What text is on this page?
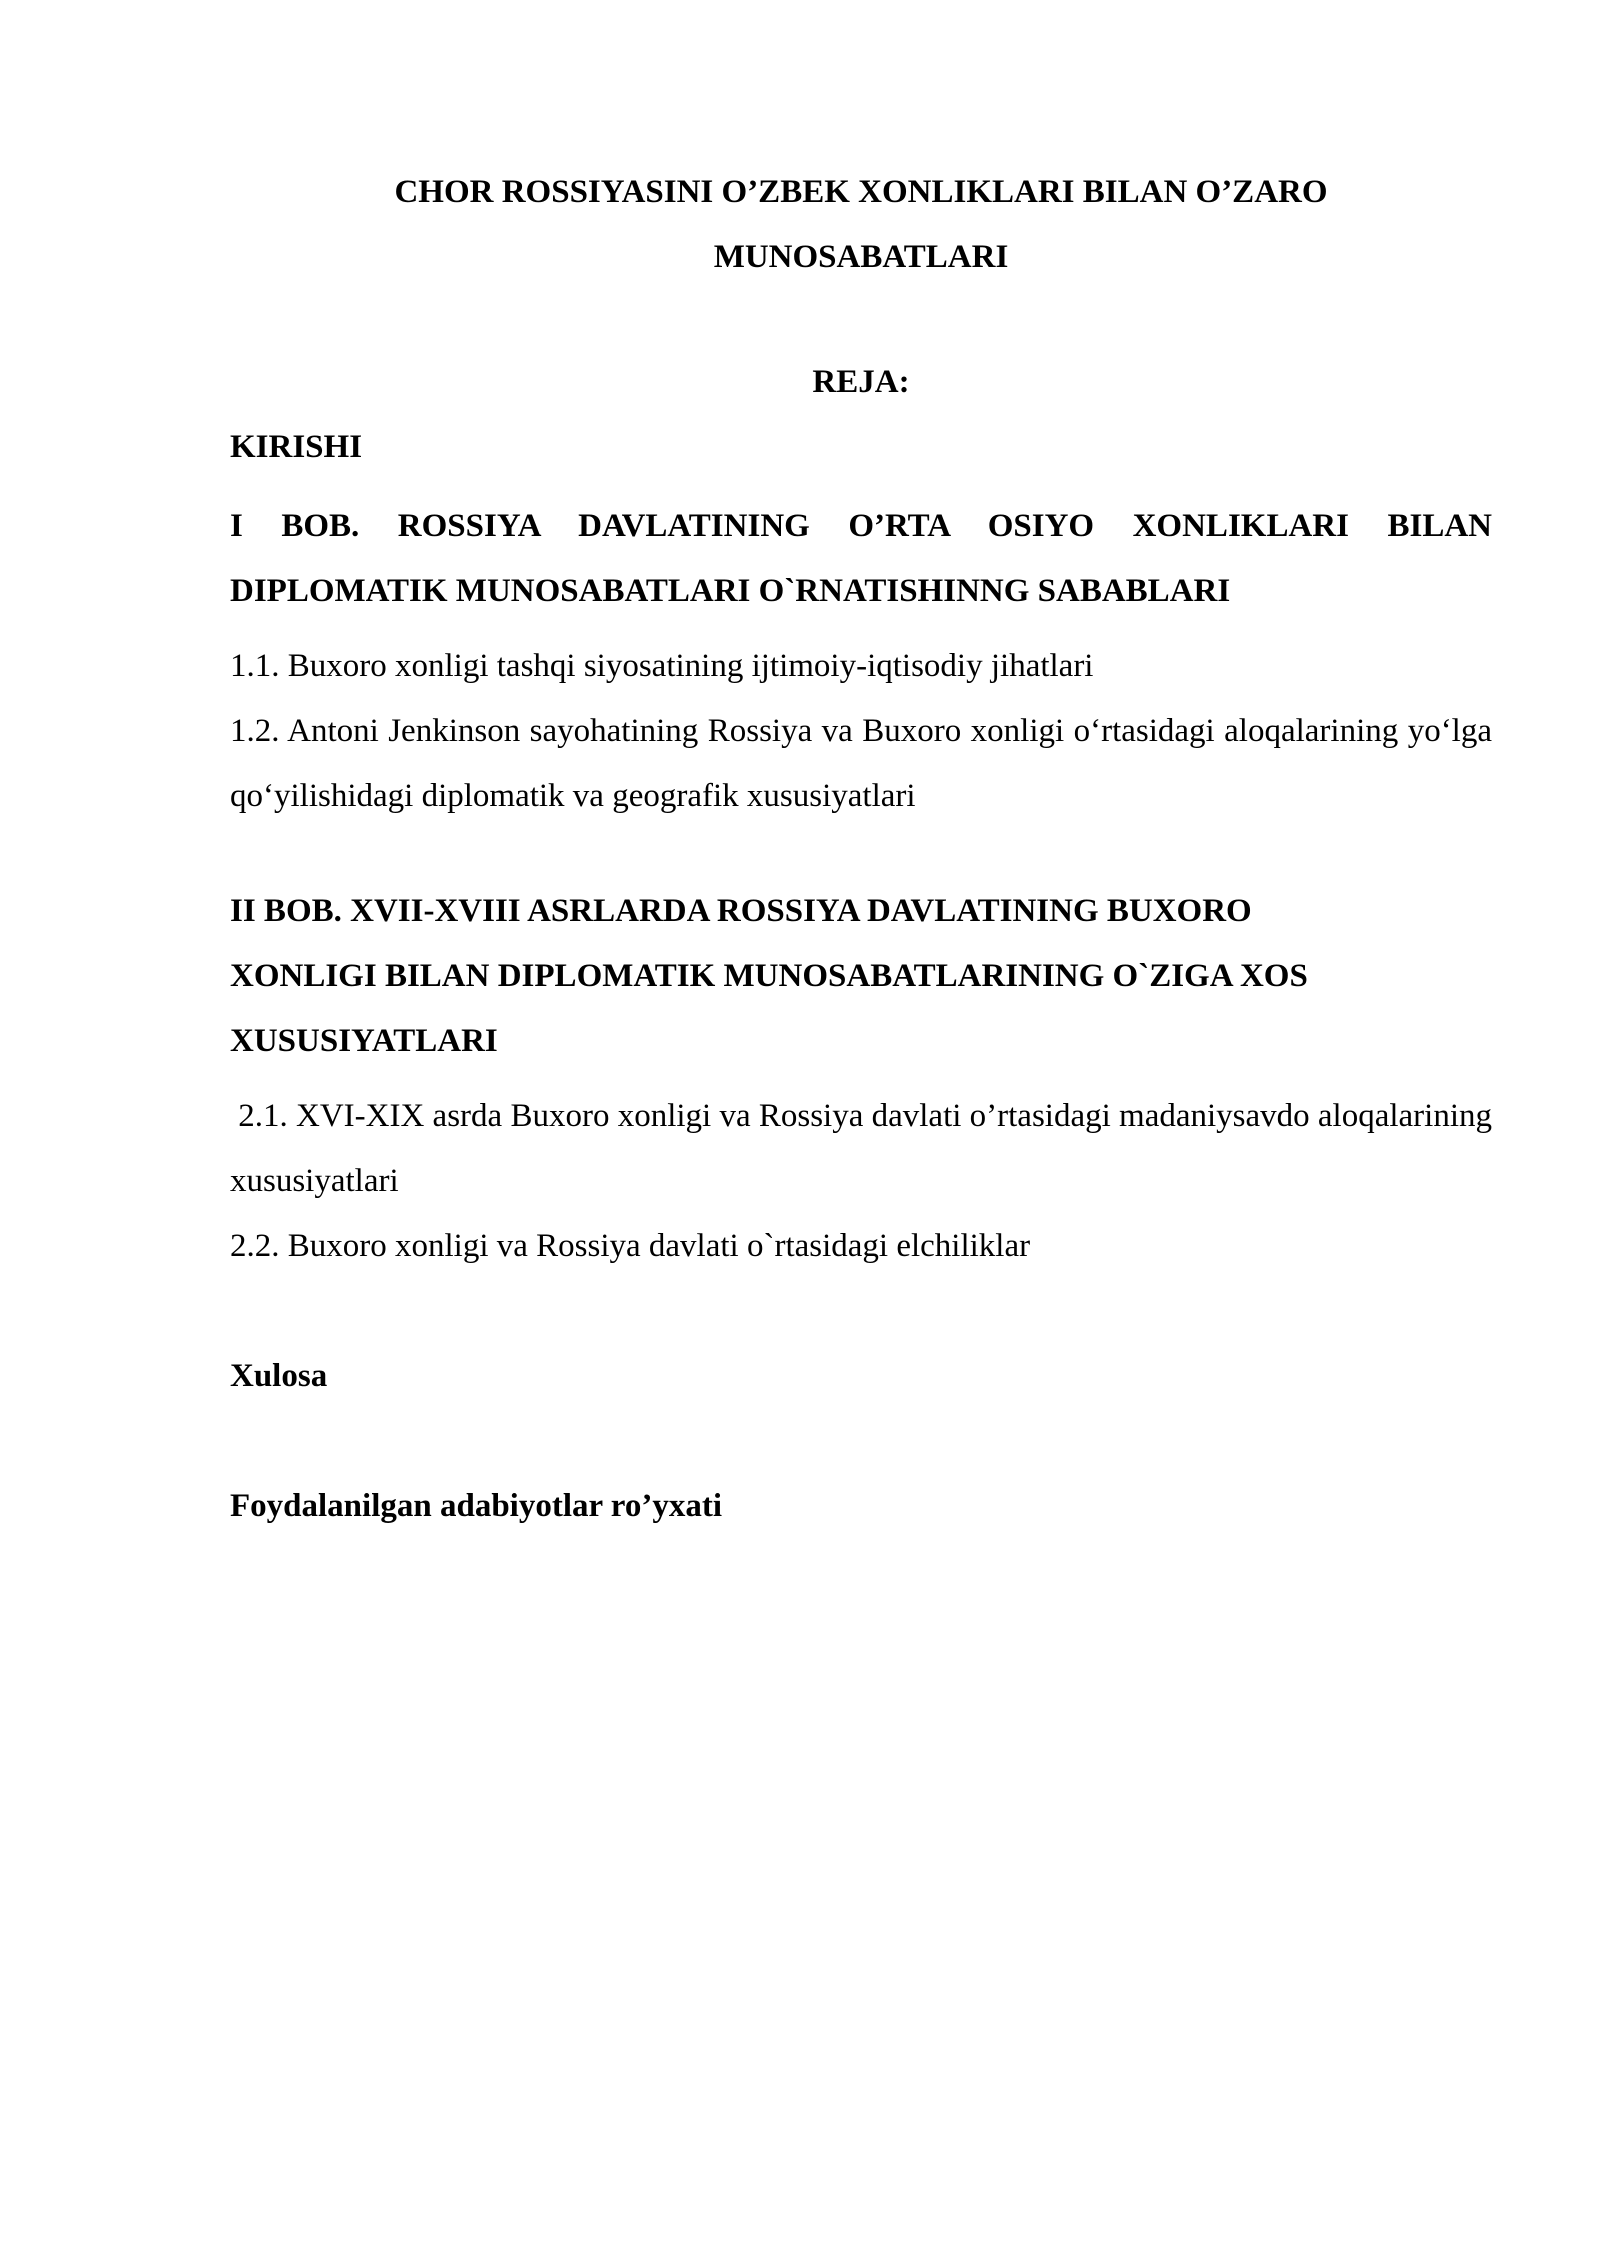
CHOR ROSSIYASINI O’ZBEK XONLIKLARI BILAN O’ZARO
MUNOSABATLARI

REJA:

KIRISHI

I BOB. ROSSIYA DAVLATINING O’RTA OSIYO XONLIKLARI BILAN DIPLOMATIK MUNOSABATLARI O`RNATISHINNG SABABLARI

1.1. Buxoro xonligi tashqi siyosatining ijtimoiy-iqtisodiy jihatlari

1.2. Antoni Jenkinson sayohatining Rossiya va Buxoro xonligi o‘rtasidagi aloqalarining yo‘lga qo‘yilishidagi diplomatik va geografik xususiyatlari

II BOB. XVII-XVIII ASRLARDA ROSSIYA DAVLATINING BUXORO

XONLIGI BILAN DIPLOMATIK MUNOSABATLARINING O`ZIGA XOS

XUSUSIYATLARI

2.1. XVI-XIX asrda Buxoro xonligi va Rossiya davlati o’rtasidagi madaniysavdo aloqalarining xususiyatlari

2.2. Buxoro xonligi va Rossiya davlati o`rtasidagi elchiliklar

Xulosa

Foydalanilgan adabiyotlar ro’yxati
